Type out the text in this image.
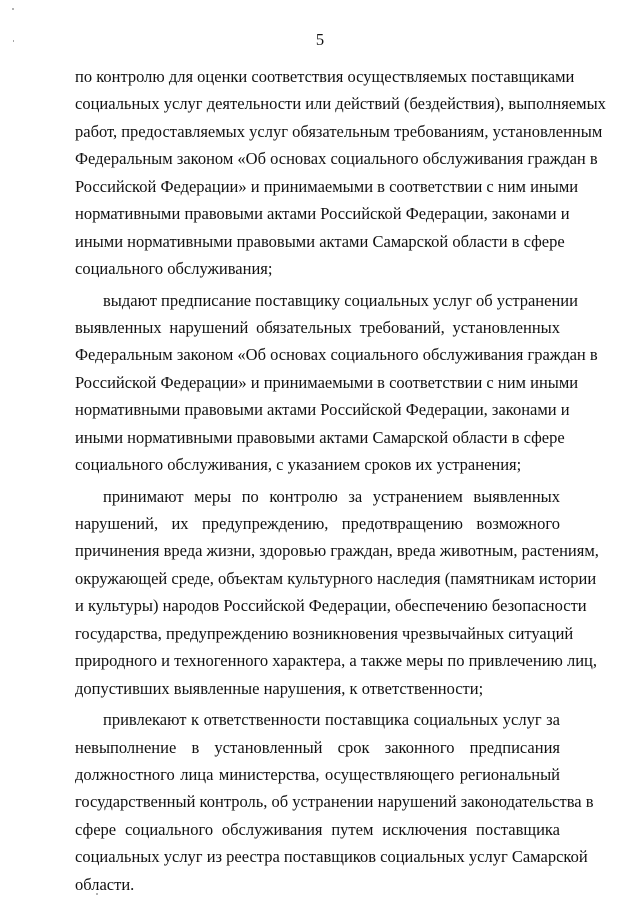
5
по контролю для оценки соответствия осуществляемых поставщиками
социальных услуг деятельности или действий (бездействия), выполняемых
работ, предоставляемых услуг обязательным требованиям, установленным
Федеральным законом «Об основах социального обслуживания граждан в
Российской Федерации» и принимаемыми в соответствии с ним иными
нормативными правовыми актами Российской Федерации, законами и
иными нормативными правовыми актами Самарской области в сфере
социального обслуживания;
выдают предписание поставщику социальных услуг об устранении
выявленных нарушений обязательных требований, установленных
Федеральным законом «Об основах социального обслуживания граждан в
Российской Федерации» и принимаемыми в соответствии с ним иными
нормативными правовыми актами Российской Федерации, законами и
иными нормативными правовыми актами Самарской области в сфере
социального обслуживания, с указанием сроков их устранения;
принимают меры по контролю за устранением выявленных
нарушений, их предупреждению, предотвращению возможного
причинения вреда жизни, здоровью граждан, вреда животным, растениям,
окружающей среде, объектам культурного наследия (памятникам истории
и культуры) народов Российской Федерации, обеспечению безопасности
государства, предупреждению возникновения чрезвычайных ситуаций
природного и техногенного характера, а также меры по привлечению лиц,
допустивших выявленные нарушения, к ответственности;
привлекают к ответственности поставщика социальных услуг за
невыполнение в установленный срок законного предписания
должностного лица министерства, осуществляющего региональный
государственный контроль, об устранении нарушений законодательства в
сфере социального обслуживания путем исключения поставщика
социальных услуг из реестра поставщиков социальных услуг Самарской
области.
